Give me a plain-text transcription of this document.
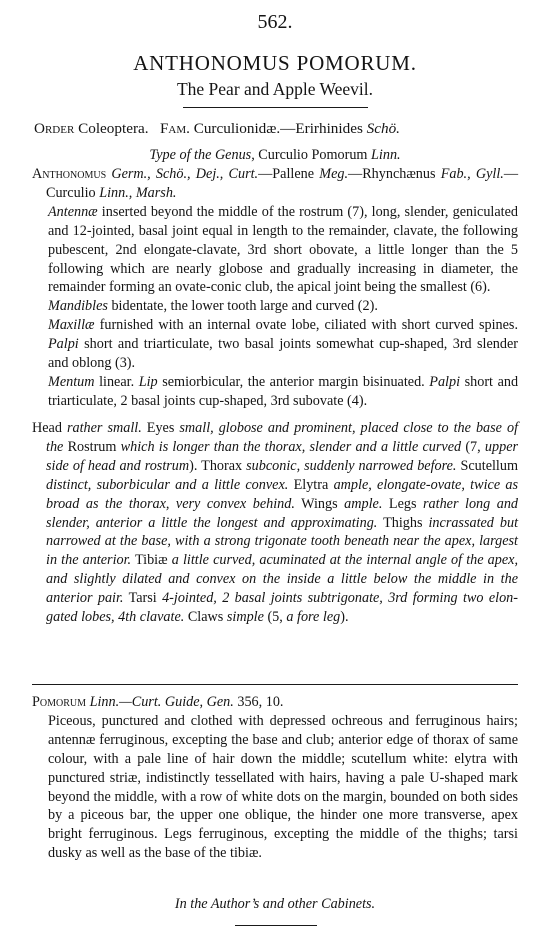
562.
ANTHONOMUS POMORUM.
The Pear and Apple Weevil.
Order Coleoptera. Fam. Curculionidæ.—Erirhinides Schö.
Type of the Genus, Curculio Pomorum Linn.

Anthonomus Germ., Schö., Dej., Curt.—Pallene Meg.—Rhynchænus Fab., Gyll.—Curculio Linn., Marsh.

Antennæ inserted beyond the middle of the rostrum (7), long, slender, geniculated and 12-jointed, basal joint equal in length to the remainder, clavate, the following pubescent, 2nd elongate-clavate, 3rd short obovate, a little longer than the 5 following which are nearly globose and gradually increasing in diameter, the remainder forming an ovate-conic club, the apical joint being the smallest (6).

Mandibles bidentate, the lower tooth large and curved (2).

Maxillæ furnished with an internal ovate lobe, ciliated with short curved spines. Palpi short and triarticulate, two basal joints somewhat cup-shaped, 3rd slender and oblong (3).

Mentum linear. Lip semiorbicular, the anterior margin bisinuated. Palpi short and triarticulate, 2 basal joints cup-shaped, 3rd subovate (4).

Head rather small. Eyes small, globose and prominent, placed close to the base of the Rostrum which is longer than the thorax, slender and a little curved (7, upper side of head and rostrum). Thorax subconic, suddenly narrowed before. Scutellum distinct, suborbicular and a little convex. Elytra ample, elongate-ovate, twice as broad as the thorax, very convex behind. Wings ample. Legs rather long and slender, anterior a little the longest and approximating. Thighs incrassated but narrowed at the base, with a strong trigonate tooth beneath near the apex, largest in the anterior. Tibiæ a little curved, acuminated at the internal angle of the apex, and slightly dilated and convex on the inside a little below the middle in the anterior pair. Tarsi 4-jointed, 2 basal joints subtrigonate, 3rd forming two elongated lobes, 4th clavate. Claws simple (5, a fore leg).

Pomorum Linn.—Curt. Guide, Gen. 356, 10.

Piceous, punctured and clothed with depressed ochreous and ferruginous hairs; antennæ ferruginous, excepting the base and club; anterior edge of thorax of same colour, with a pale line of hair down the middle; scutellum white: elytra with punctured striæ, indistinctly tessellated with hairs, having a pale U-shaped mark beyond the middle, with a row of white dots on the margin, bounded on both sides by a piceous bar, the upper one oblique, the hinder one more transverse, apex bright ferruginous. Legs ferruginous, excepting the middle of the thighs; tarsi dusky as well as the base of the tibiæ.

In the Author’s and other Cabinets.
